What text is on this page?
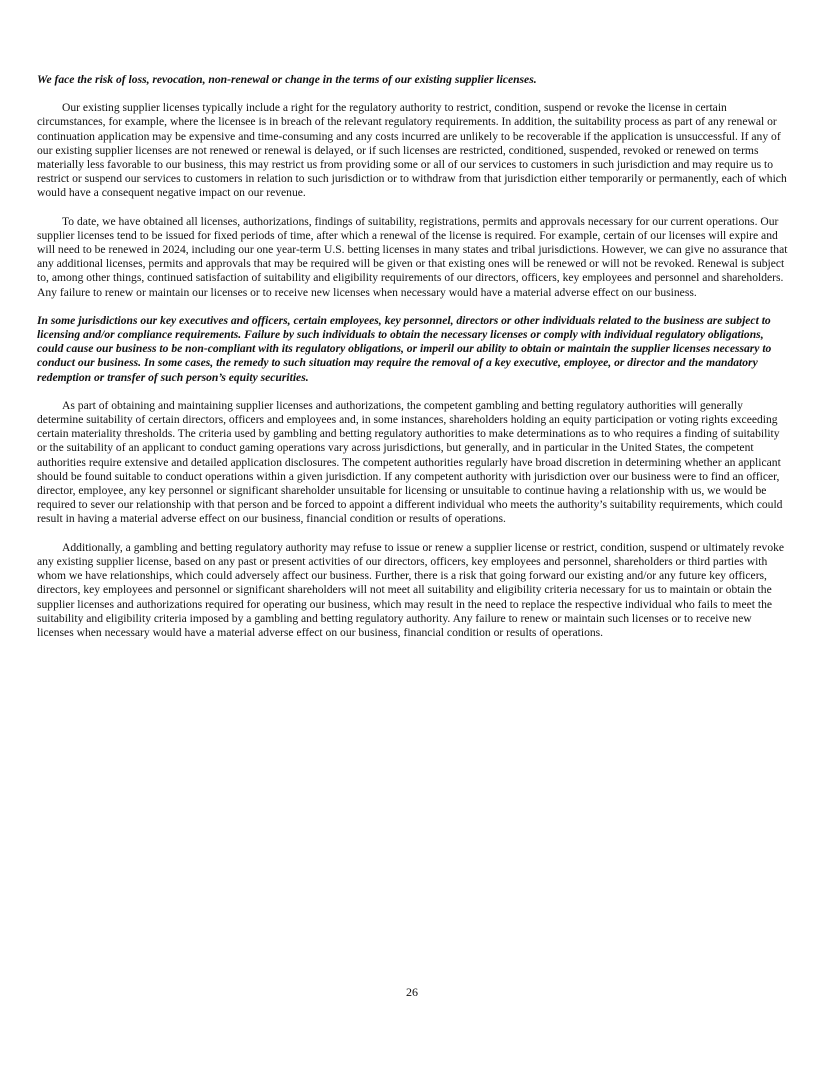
We face the risk of loss, revocation, non-renewal or change in the terms of our existing supplier licenses.

Our existing supplier licenses typically include a right for the regulatory authority to restrict, condition, suspend or revoke the license in certain circumstances, for example, where the licensee is in breach of the relevant regulatory requirements. In addition, the suitability process as part of any renewal or continuation application may be expensive and time-consuming and any costs incurred are unlikely to be recoverable if the application is unsuccessful. If any of our existing supplier licenses are not renewed or renewal is delayed, or if such licenses are restricted, conditioned, suspended, revoked or renewed on terms materially less favorable to our business, this may restrict us from providing some or all of our services to customers in such jurisdiction and may require us to restrict or suspend our services to customers in relation to such jurisdiction or to withdraw from that jurisdiction either temporarily or permanently, each of which would have a consequent negative impact on our revenue.

To date, we have obtained all licenses, authorizations, findings of suitability, registrations, permits and approvals necessary for our current operations. Our supplier licenses tend to be issued for fixed periods of time, after which a renewal of the license is required. For example, certain of our licenses will expire and will need to be renewed in 2024, including our one year-term U.S. betting licenses in many states and tribal jurisdictions. However, we can give no assurance that any additional licenses, permits and approvals that may be required will be given or that existing ones will be renewed or will not be revoked. Renewal is subject to, among other things, continued satisfaction of suitability and eligibility requirements of our directors, officers, key employees and personnel and shareholders. Any failure to renew or maintain our licenses or to receive new licenses when necessary would have a material adverse effect on our business.

In some jurisdictions our key executives and officers, certain employees, key personnel, directors or other individuals related to the business are subject to licensing and/or compliance requirements. Failure by such individuals to obtain the necessary licenses or comply with individual regulatory obligations, could cause our business to be non-compliant with its regulatory obligations, or imperil our ability to obtain or maintain the supplier licenses necessary to conduct our business. In some cases, the remedy to such situation may require the removal of a key executive, employee, or director and the mandatory redemption or transfer of such person’s equity securities.

As part of obtaining and maintaining supplier licenses and authorizations, the competent gambling and betting regulatory authorities will generally determine suitability of certain directors, officers and employees and, in some instances, shareholders holding an equity participation or voting rights exceeding certain materiality thresholds. The criteria used by gambling and betting regulatory authorities to make determinations as to who requires a finding of suitability or the suitability of an applicant to conduct gaming operations vary across jurisdictions, but generally, and in particular in the United States, the competent authorities require extensive and detailed application disclosures. The competent authorities regularly have broad discretion in determining whether an applicant should be found suitable to conduct operations within a given jurisdiction. If any competent authority with jurisdiction over our business were to find an officer, director, employee, any key personnel or significant shareholder unsuitable for licensing or unsuitable to continue having a relationship with us, we would be required to sever our relationship with that person and be forced to appoint a different individual who meets the authority’s suitability requirements, which could result in having a material adverse effect on our business, financial condition or results of operations.

Additionally, a gambling and betting regulatory authority may refuse to issue or renew a supplier license or restrict, condition, suspend or ultimately revoke any existing supplier license, based on any past or present activities of our directors, officers, key employees and personnel, shareholders or third parties with whom we have relationships, which could adversely affect our business. Further, there is a risk that going forward our existing and/or any future key officers, directors, key employees and personnel or significant shareholders will not meet all suitability and eligibility criteria necessary for us to maintain or obtain the supplier licenses and authorizations required for operating our business, which may result in the need to replace the respective individual who fails to meet the suitability and eligibility criteria imposed by a gambling and betting regulatory authority. Any failure to renew or maintain such licenses or to receive new licenses when necessary would have a material adverse effect on our business, financial condition or results of operations.

26
